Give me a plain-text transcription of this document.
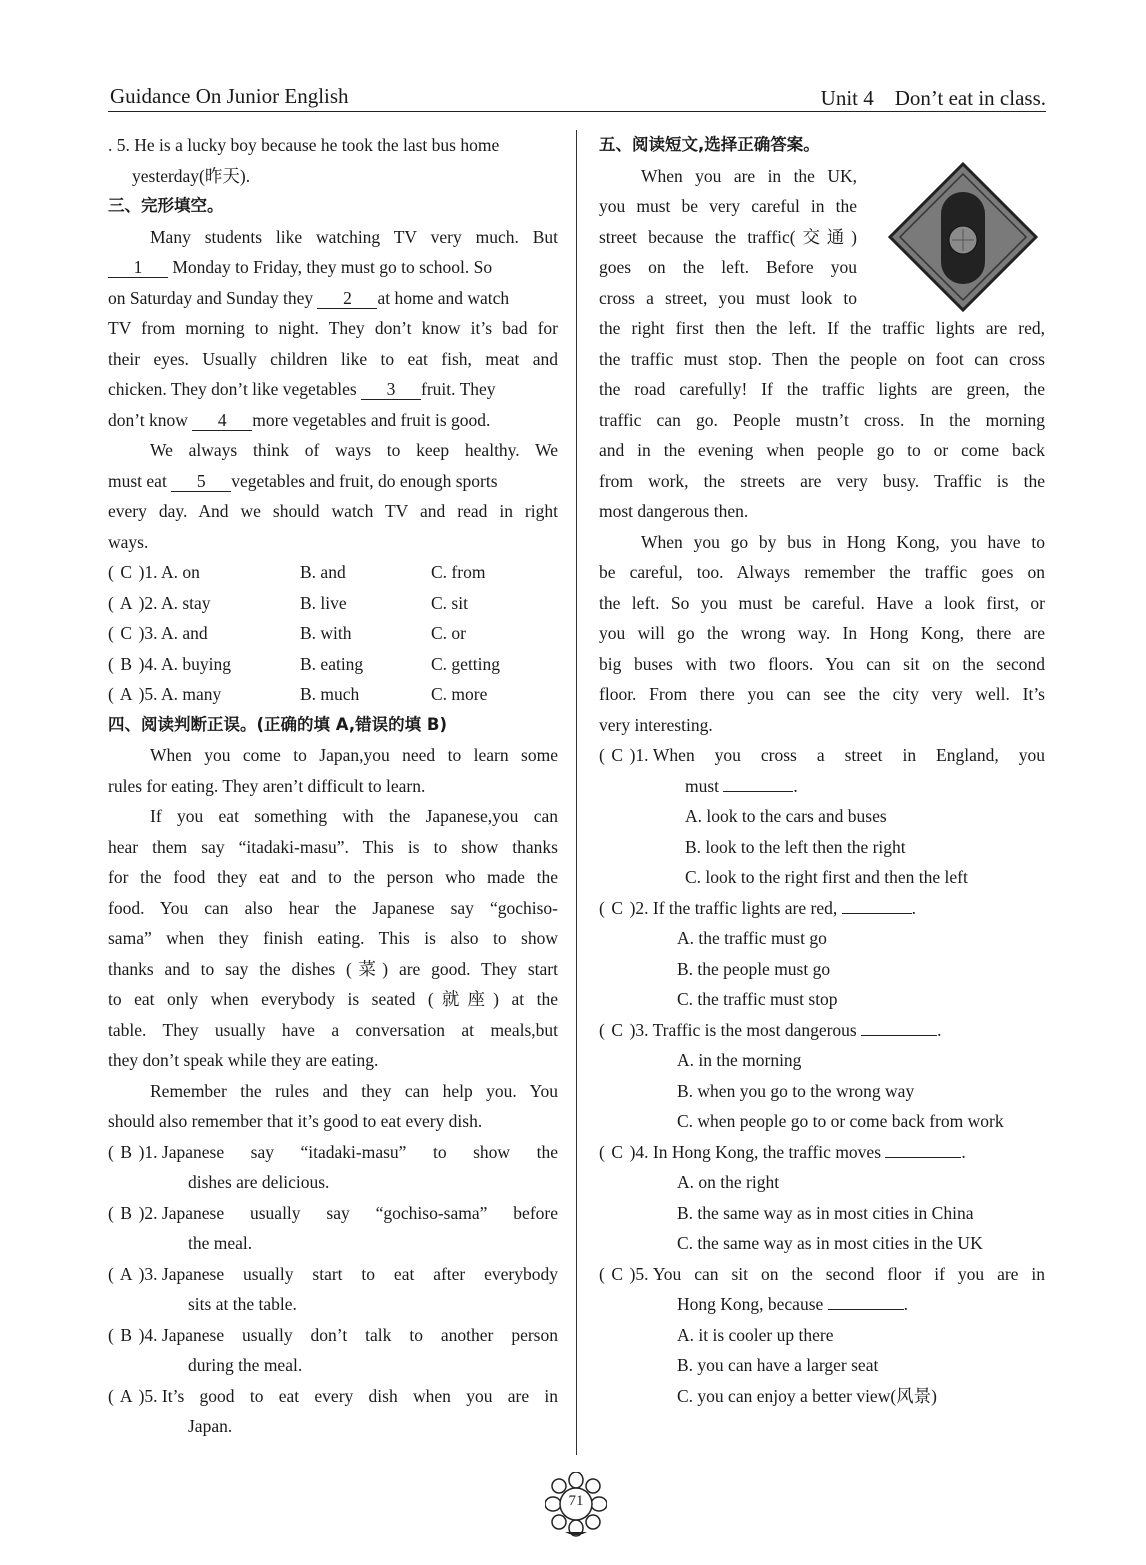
Guidance On Junior English	Unit 4    Don’t eat in class.
. 5. He is a lucky boy because he took the last bus home
yesterday(昨天).
三、完形填空。
Many students like watching TV very much. But
1 Monday to Friday, they must go to school. So
on Saturday and Sunday they 2 at home and watch
TV from morning to night. They don’t know it’s bad for
their eyes. Usually children like to eat fish, meat and
chicken. They don’t like vegetables 3 fruit. They
don’t know 4 more vegetables and fruit is good.
We always think of ways to keep healthy. We
must eat 5 vegetables and fruit, do enough sports
every day. And we should watch TV and read in right
ways.
( C )1. A. on	B. and	C. from
( A )2. A. stay	B. live	C. sit
( C )3. A. and	B. with	C. or
( B )4. A. buying	B. eating	C. getting
( A )5. A. many	B. much	C. more
四、阅读判断正误。(正确的填 A,错误的填 B)
When you come to Japan,you need to learn some
rules for eating. They aren’t difficult to learn.
If you eat something with the Japanese,you can
hear them say “itadaki-masu”. This is to show thanks
for the food they eat and to the person who made the
food. You can also hear the Japanese say “gochiso-
sama” when they finish eating. This is also to show
thanks and to say the dishes (菜) are good. They start
to eat only when everybody is seated (就座) at the
table. They usually have a conversation at meals,but
they don’t speak while they are eating.
Remember the rules and they can help you. You
should also remember that it’s good to eat every dish.
( B )1. Japanese say “itadaki-masu” to show the
dishes are delicious.
( B )2. Japanese usually say “gochiso-sama” before
the meal.
( A )3. Japanese usually start to eat after everybody
sits at the table.
( B )4. Japanese usually don’t talk to another person
during the meal.
( A )5. It’s good to eat every dish when you are in
Japan.
五、阅读短文,选择正确答案。
When you are in the UK,
you must be very careful in the
street because the traffic(交通)
goes on the left. Before you
cross a street, you must look to
the right first then the left. If the traffic lights are red,
the traffic must stop. Then the people on foot can cross
the road carefully! If the traffic lights are green, the
traffic can go. People mustn’t cross. In the morning
and in the evening when people go to or come back
from work, the streets are very busy. Traffic is the
most dangerous then.
When you go by bus in Hong Kong, you have to
be careful, too. Always remember the traffic goes on
the left. So you must be careful. Have a look first, or
you will go the wrong way. In Hong Kong, there are
big buses with two floors. You can sit on the second
floor. From there you can see the city very well. It’s
very interesting.
( C )1. When you cross a street in England, you
must	.
A. look to the cars and buses
B. look to the left then the right
C. look to the right first and then the left
( C )2. If the traffic lights are red,	.
A. the traffic must go
B. the people must go
C. the traffic must stop
( C )3. Traffic is the most dangerous	.
A. in the morning
B. when you go to the wrong way
C. when people go to or come back from work
( C )4. In Hong Kong, the traffic moves	.
A. on the right
B. the same way as in most cities in China
C. the same way as in most cities in the UK
( C )5. You can sit on the second floor if you are in
Hong Kong, because	.
A. it is cooler up there
B. you can have a larger seat
C. you can enjoy a better view(风景)
71
